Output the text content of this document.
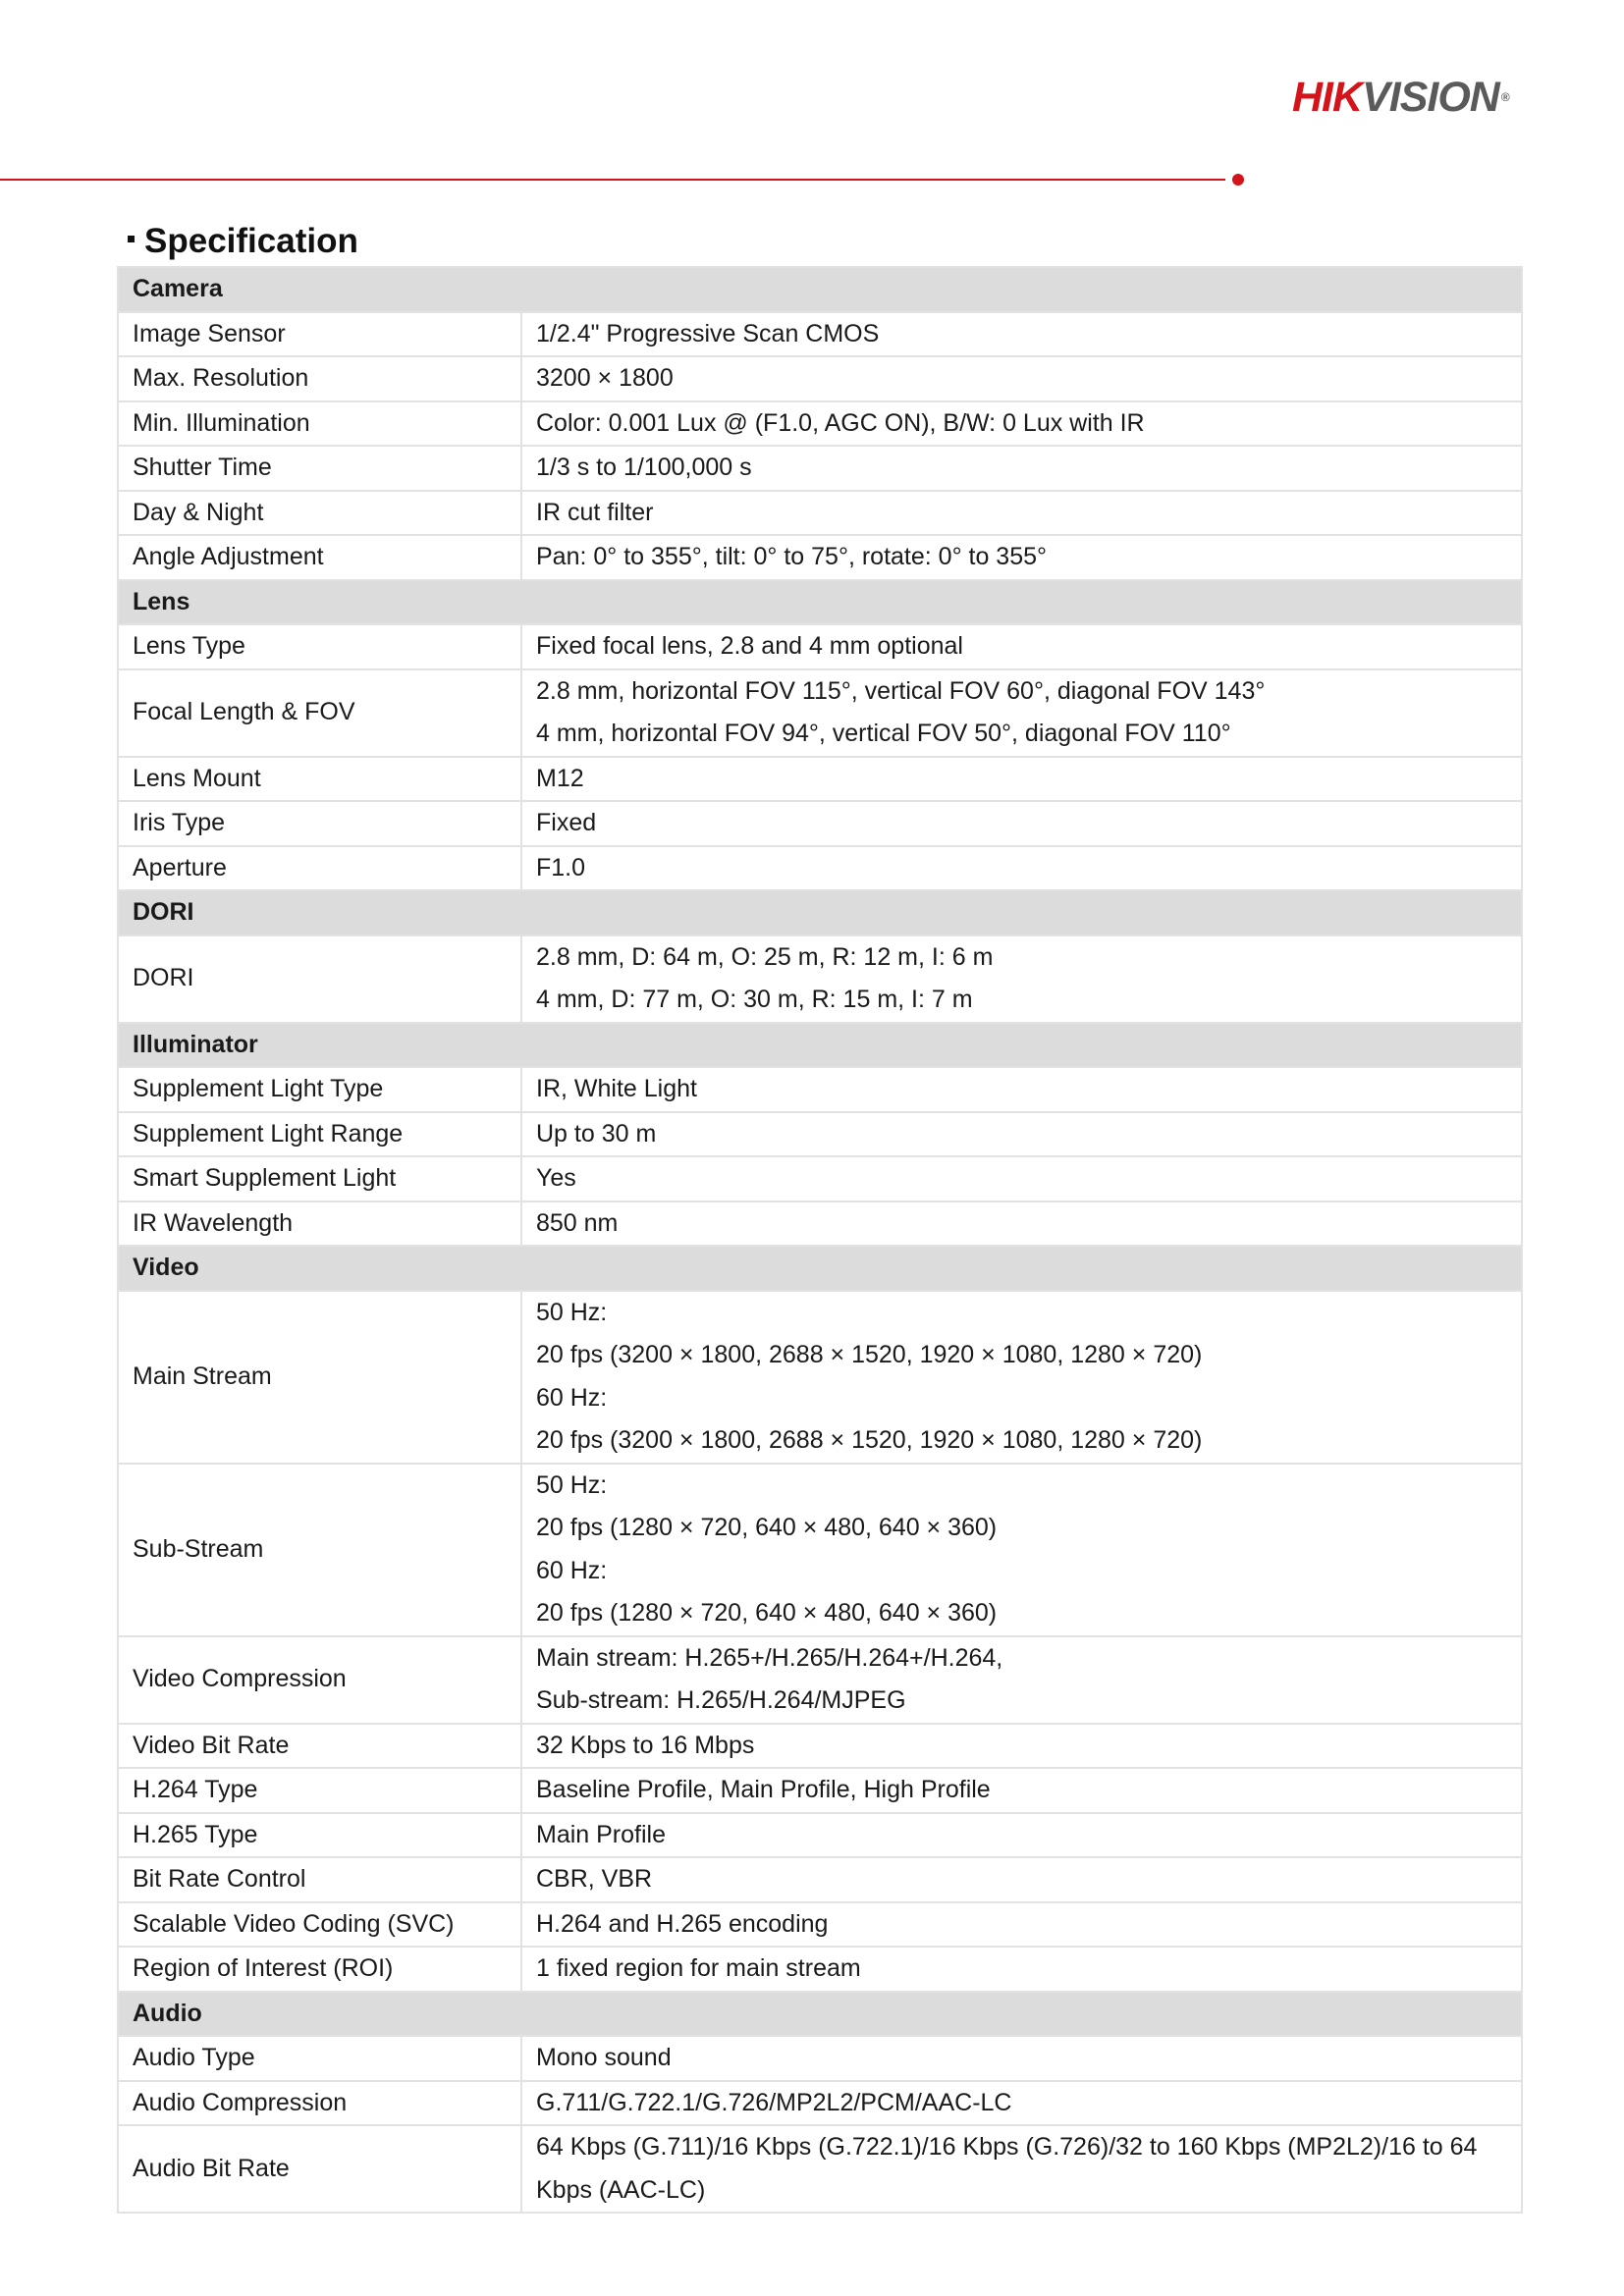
HIKVISION ®
Specification
Camera	
Image Sensor	1/2.4" Progressive Scan CMOS

Max. Resolution	3200 × 1800

Min. Illumination	Color: 0.001 Lux @ (F1.0, AGC ON), B/W: 0 Lux with IR

Shutter Time	1/3 s to 1/100,000 s

Day & Night	IR cut filter

Angle Adjustment	Pan: 0° to 355°, tilt: 0° to 75°, rotate: 0° to 355°

Lens	
Lens Type	Fixed focal lens, 2.8 and 4 mm optional

Focal Length & FOV	2.8 mm, horizontal FOV 115°, vertical FOV 60°, diagonal FOV 143°
4 mm, horizontal FOV 94°, vertical FOV 50°, diagonal FOV 110°

Lens Mount	M12

Iris Type	Fixed

Aperture	F1.0

DORI	
DORI	2.8 mm, D: 64 m, O: 25 m, R: 12 m, I: 6 m
4 mm, D: 77 m, O: 30 m, R: 15 m, I: 7 m

Illuminator	
Supplement Light Type	IR, White Light

Supplement Light Range	Up to 30 m

Smart Supplement Light	Yes

IR Wavelength	850 nm

Video	
Main Stream	50 Hz:
20 fps (3200 × 1800, 2688 × 1520, 1920 × 1080, 1280 × 720)
60 Hz:
20 fps (3200 × 1800, 2688 × 1520, 1920 × 1080, 1280 × 720)

Sub-Stream	50 Hz:
20 fps (1280 × 720, 640 × 480, 640 × 360)
60 Hz:
20 fps (1280 × 720, 640 × 480, 640 × 360)

Video Compression	Main stream: H.265+/H.265/H.264+/H.264,
Sub-stream: H.265/H.264/MJPEG

Video Bit Rate	32 Kbps to 16 Mbps

H.264 Type	Baseline Profile, Main Profile, High Profile

H.265 Type	Main Profile

Bit Rate Control	CBR, VBR

Scalable Video Coding (SVC)	H.264 and H.265 encoding

Region of Interest (ROI)	1 fixed region for main stream

Audio	
Audio Type	Mono sound

Audio Compression	G.711/G.722.1/G.726/MP2L2/PCM/AAC-LC

Audio Bit Rate	64 Kbps (G.711)/16 Kbps (G.722.1)/16 Kbps (G.726)/32 to 160 Kbps (MP2L2)/16 to 64
Kbps (AAC-LC)
